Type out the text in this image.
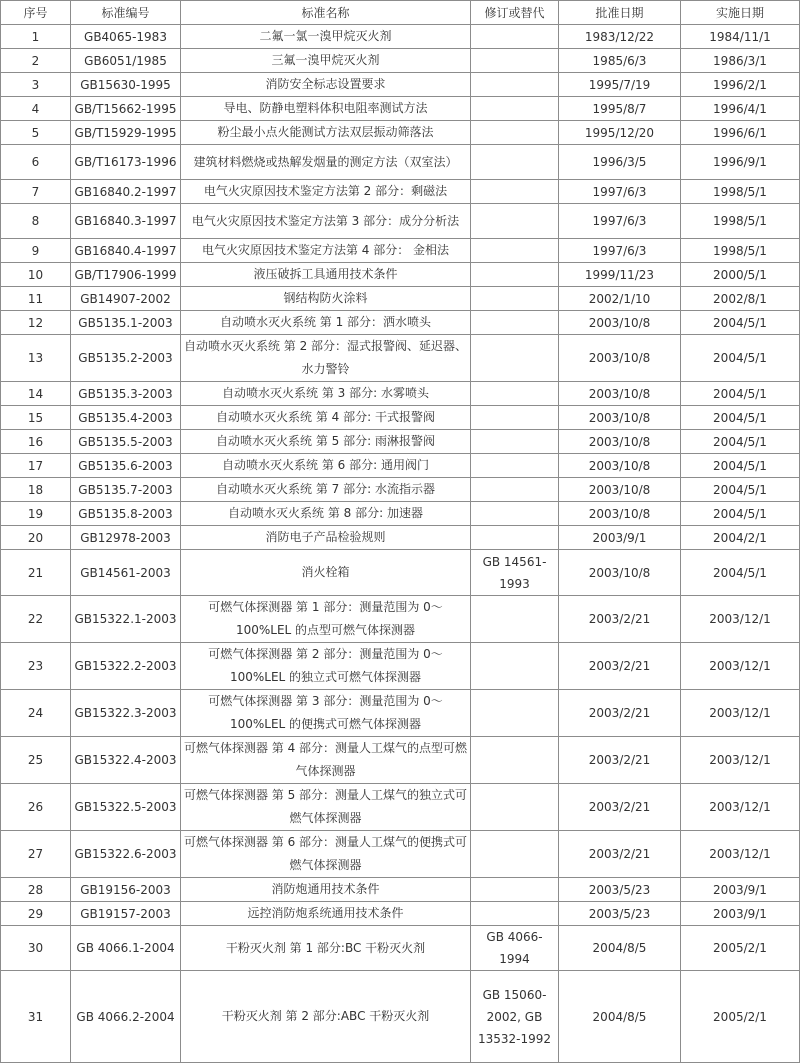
序号	标准编号	标准名称	修订或替代	批准日期	实施日期
1	GB4065-1983	二氟一氯一溴甲烷灭火剂		1983/12/22	1984/11/1
2	GB6051/1985	三氟一溴甲烷灭火剂		1985/6/3	1986/3/1
3	GB15630-1995	消防安全标志设置要求		1995/7/19	1996/2/1
4	GB/T15662-1995	导电、防静电塑料体积电阻率测试方法		1995/8/7	1996/4/1
5	GB/T15929-1995	粉尘最小点火能测试方法双层振动筛落法		1995/12/20	1996/6/1
6	GB/T16173-1996	建筑材料燃烧或热解发烟量的测定方法（双室法）		1996/3/5	1996/9/1
7	GB16840.2-1997	电气火灾原因技术鉴定方法第 2 部分：剩磁法		1997/6/3	1998/5/1
8	GB16840.3-1997	电气火灾原因技术鉴定方法第 3 部分：成分分析法		1997/6/3	1998/5/1
9	GB16840.4-1997	电气火灾原因技术鉴定方法第 4 部分： 金相法		1997/6/3	1998/5/1
10	GB/T17906-1999	液压破拆工具通用技术条件		1999/11/23	2000/5/1
11	GB14907-2002	钢结构防火涂料		2002/1/10	2002/8/1
12	GB5135.1-2003	自动喷水灭火系统 第 1 部分：洒水喷头		2003/10/8	2004/5/1
13	GB5135.2-2003	自动喷水灭火系统 第 2 部分：湿式报警阀、延迟器、水力警铃		2003/10/8	2004/5/1
14	GB5135.3-2003	自动喷水灭火系统 第 3 部分: 水雾喷头		2003/10/8	2004/5/1
15	GB5135.4-2003	自动喷水灭火系统 第 4 部分: 干式报警阀		2003/10/8	2004/5/1
16	GB5135.5-2003	自动喷水灭火系统 第 5 部分: 雨淋报警阀		2003/10/8	2004/5/1
17	GB5135.6-2003	自动喷水灭火系统 第 6 部分: 通用阀门		2003/10/8	2004/5/1
18	GB5135.7-2003	自动喷水灭火系统 第 7 部分: 水流指示器		2003/10/8	2004/5/1
19	GB5135.8-2003	自动喷水灭火系统 第 8 部分: 加速器		2003/10/8	2004/5/1
20	GB12978-2003	消防电子产品检验规则		2003/9/1	2004/2/1
21	GB14561-2003	消火栓箱	GB 14561-1993	2003/10/8	2004/5/1
22	GB15322.1-2003	可燃气体探测器 第 1 部分：测量范围为 0～100%LEL 的点型可燃气体探测器		2003/2/21	2003/12/1
23	GB15322.2-2003	可燃气体探测器 第 2 部分：测量范围为 0～100%LEL 的独立式可燃气体探测器		2003/2/21	2003/12/1
24	GB15322.3-2003	可燃气体探测器 第 3 部分：测量范围为 0～100%LEL 的便携式可燃气体探测器		2003/2/21	2003/12/1
25	GB15322.4-2003	可燃气体探测器 第 4 部分：测量人工煤气的点型可燃气体探测器		2003/2/21	2003/12/1
26	GB15322.5-2003	可燃气体探测器 第 5 部分：测量人工煤气的独立式可燃气体探测器		2003/2/21	2003/12/1
27	GB15322.6-2003	可燃气体探测器 第 6 部分：测量人工煤气的便携式可燃气体探测器		2003/2/21	2003/12/1
28	GB19156-2003	消防炮通用技术条件		2003/5/23	2003/9/1
29	GB19157-2003	远控消防炮系统通用技术条件		2003/5/23	2003/9/1
30	GB 4066.1-2004	干粉灭火剂 第 1 部分:BC 干粉灭火剂	GB 4066-1994	2004/8/5	2005/2/1
31	GB 4066.2-2004	干粉灭火剂 第 2 部分:ABC 干粉灭火剂	GB 15060-2002, GB 13532-1992	2004/8/5	2005/2/1
